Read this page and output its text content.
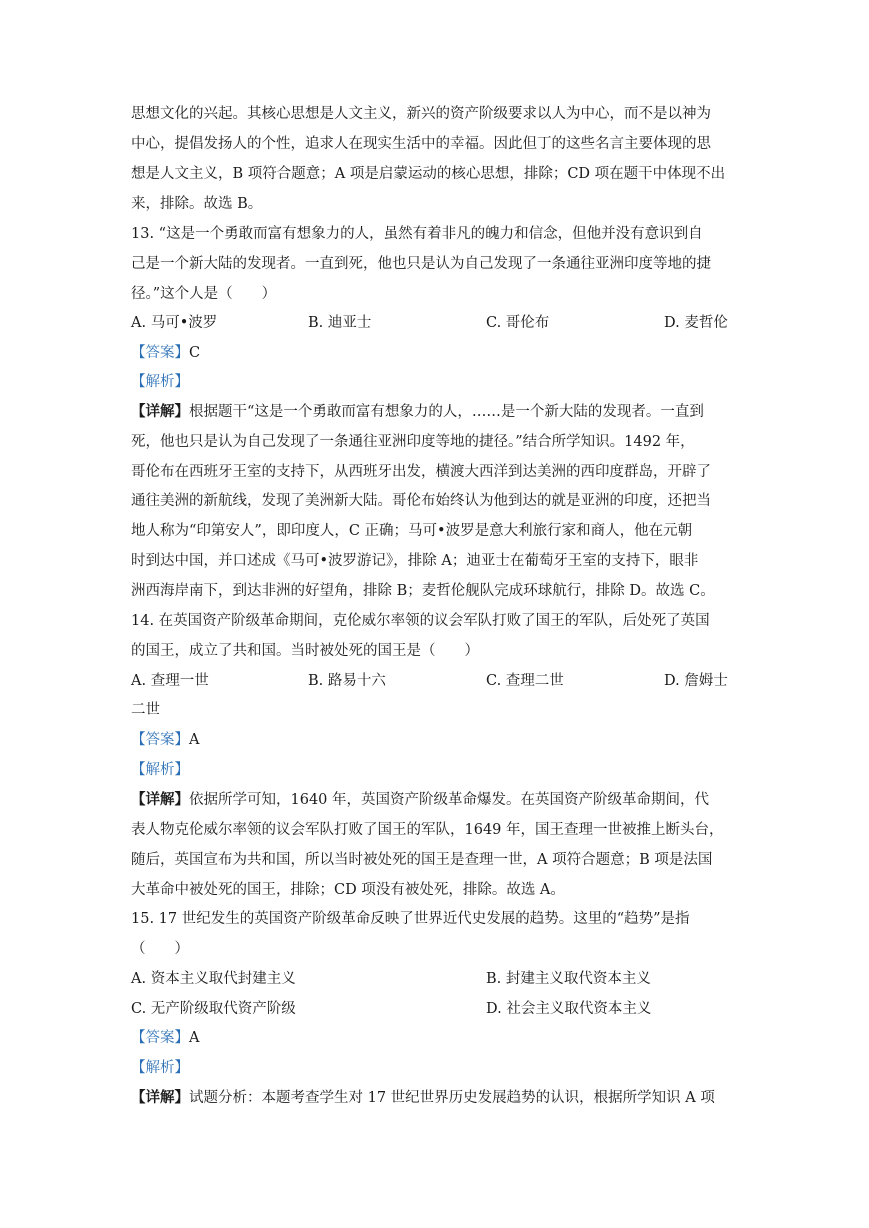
思想文化的兴起。其核心思想是人文主义，新兴的资产阶级要求以人为中心，而不是以神为
中心，提倡发扬人的个性，追求人在现实生活中的幸福。因此但丁的这些名言主要体现的思
想是人文主义，B 项符合题意；A 项是启蒙运动的核心思想，排除；CD 项在题干中体现不出
来，排除。故选 B。
13. “这是一个勇敢而富有想象力的人，虽然有着非凡的魄力和信念，但他并没有意识到自
己是一个新大陆的发现者。一直到死，他也只是认为自己发现了一条通往亚洲印度等地的捷
径。”这个人是（　　）
A. 马可•波罗	B. 迪亚士	C. 哥伦布	D. 麦哲伦
【答案】C
【解析】
【详解】根据题干“这是一个勇敢而富有想象力的人，……是一个新大陆的发现者。一直到
死，他也只是认为自己发现了一条通往亚洲印度等地的捷径。”结合所学知识。1492 年，
哥伦布在西班牙王室的支持下，从西班牙出发，横渡大西洋到达美洲的西印度群岛，开辟了
通往美洲的新航线，发现了美洲新大陆。哥伦布始终认为他到达的就是亚洲的印度，还把当
地人称为“印第安人”，即印度人，C 正确；马可•波罗是意大利旅行家和商人，他在元朝
时到达中国，并口述成《马可•波罗游记》，排除 A；迪亚士在葡萄牙王室的支持下，眼非
洲西海岸南下，到达非洲的好望角，排除 B；麦哲伦舰队完成环球航行，排除 D。故选 C。
14. 在英国资产阶级革命期间，克伦威尔率领的议会军队打败了国王的军队，后处死了英国
的国王，成立了共和国。当时被处死的国王是（　　）
A. 查理一世	B. 路易十六	C. 查理二世	D. 詹姆士
二世
【答案】A
【解析】
【详解】依据所学可知，1640 年，英国资产阶级革命爆发。在英国资产阶级革命期间，代
表人物克伦威尔率领的议会军队打败了国王的军队，1649 年，国王查理一世被推上断头台，
随后，英国宣布为共和国，所以当时被处死的国王是查理一世，A 项符合题意；B 项是法国
大革命中被处死的国王，排除；CD 项没有被处死，排除。故选 A。
15. 17 世纪发生的英国资产阶级革命反映了世界近代史发展的趋势。这里的“趋势”是指
（　　）
A. 资本主义取代封建主义	B. 封建主义取代资本主义
C. 无产阶级取代资产阶级	D. 社会主义取代资本主义
【答案】A
【解析】
【详解】试题分析：本题考查学生对 17 世纪世界历史发展趋势的认识，根据所学知识 A 项
